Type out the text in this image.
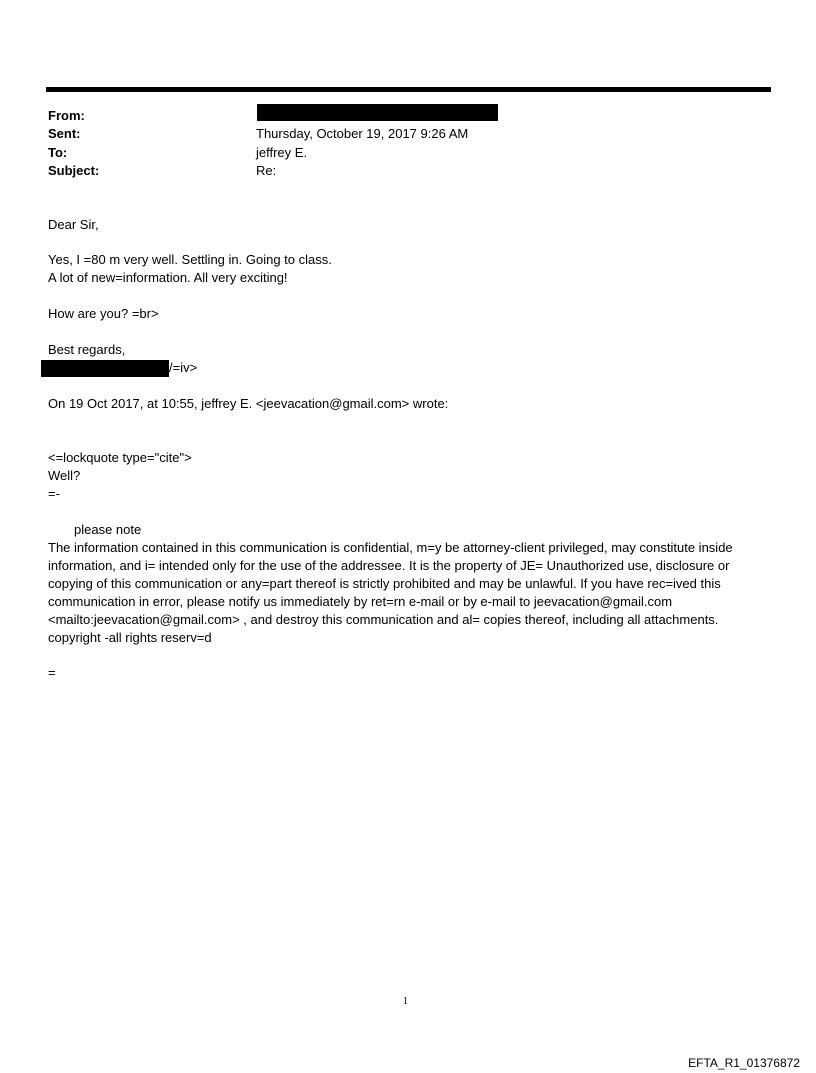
From:
Sent:	Thursday, October 19, 2017 9:26 AM
To:	jeffrey E.
Subject:	Re:
Dear Sir,
Yes, I =80 m very well. Settling in. Going to class.
A lot of new=information. All very exciting!
How are you? =br>
Best regards,
/=iv>
On 19 Oct 2017, at 10:55, jeffrey E. <jeevacation@gmail.com> wrote:
<=lockquote type="cite">
Well?
=-
please note
The information contained in this communication is confidential, m=y be attorney-client privileged, may constitute inside information, and i= intended only for the use of the addressee. It is the property of JE= Unauthorized use, disclosure or copying of this communication or any=part thereof is strictly prohibited and may be unlawful. If you have rec=ived this communication in error, please notify us immediately by ret=rn e-mail or by e-mail to jeevacation@gmail.com <mailto:jeevacation@gmail.com> , and destroy this communication and al= copies thereof, including all attachments. copyright -all rights reserv=d
=
1
EFTA_R1_01376872
